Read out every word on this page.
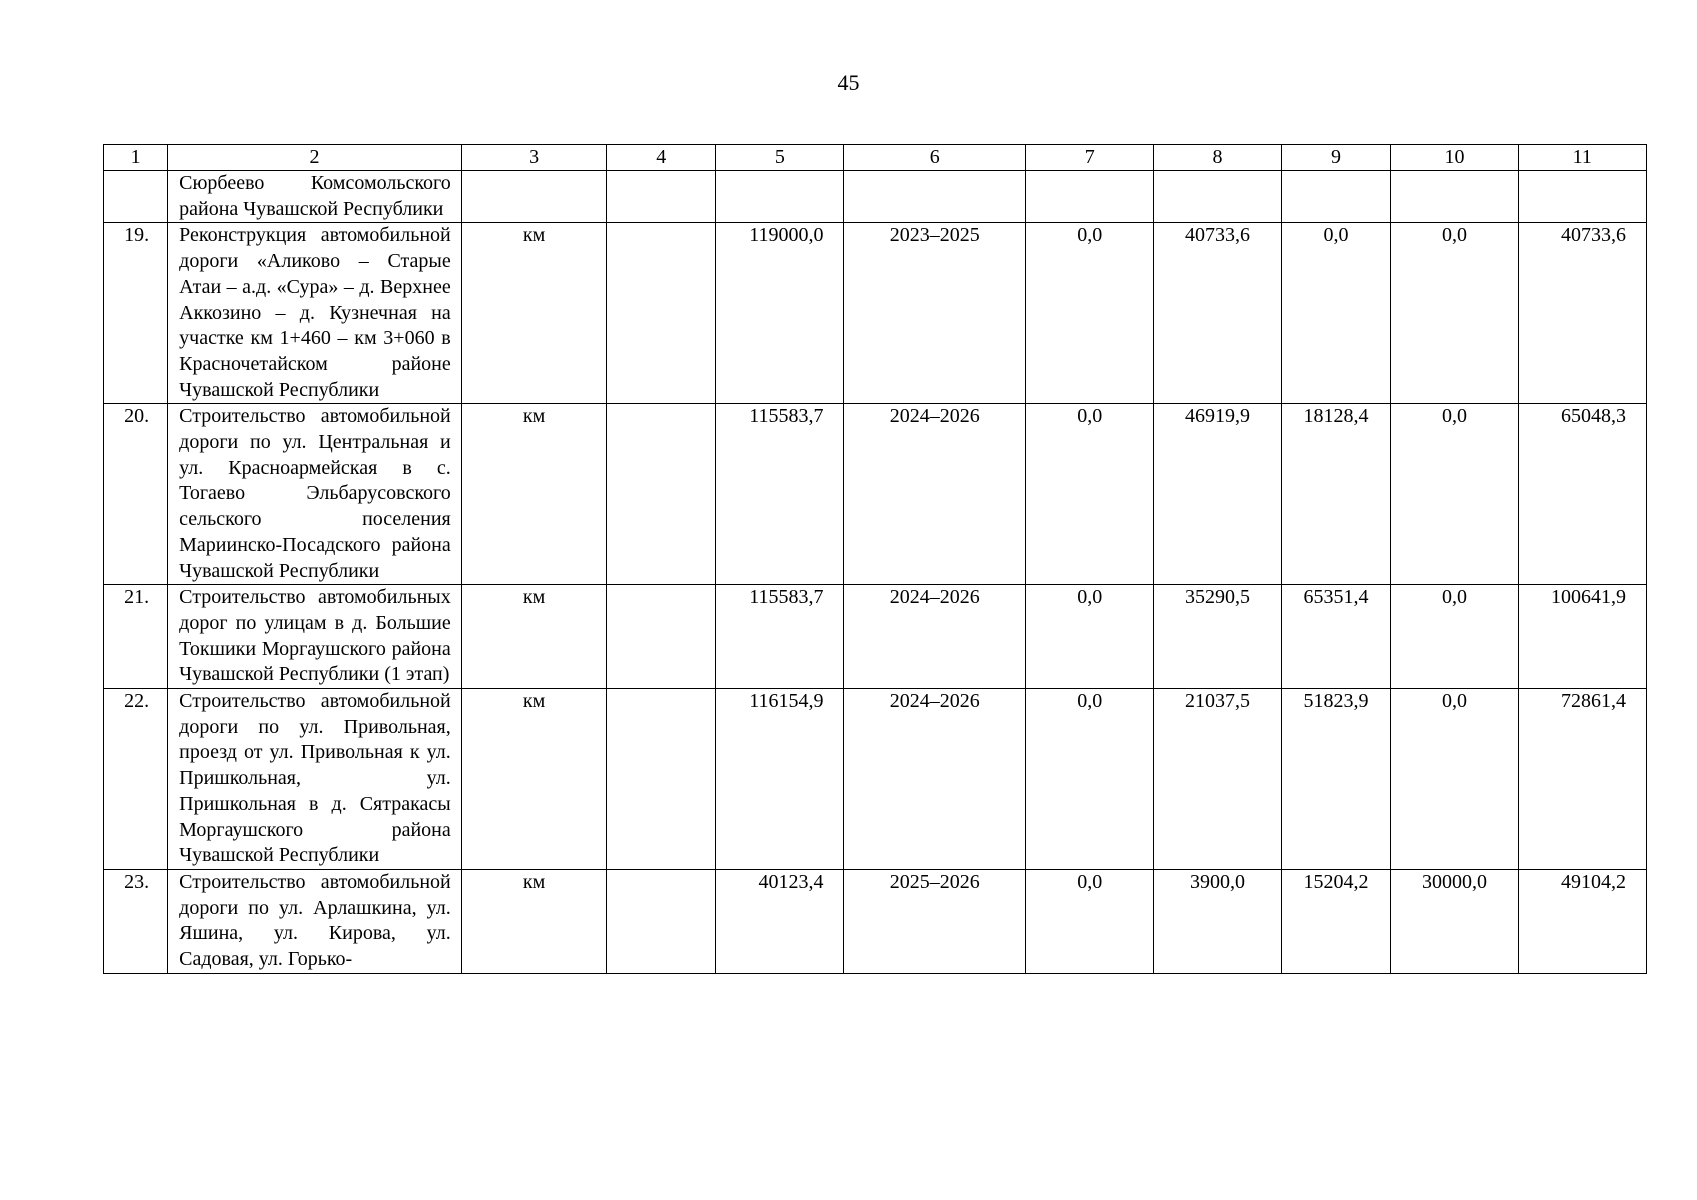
45
1	2	3	4	5	6	7	8	9	10	11
	Сюрбеево Комсомольского района Чувашской Республики									
19.	Реконструкция автомобильной дороги «Аликово – Старые Атаи – а.д. «Сура» – д. Верхнее Аккозино – д. Кузнечная на участке км 1+460 – км 3+060 в Красночетайском районе Чувашской Республики	км		119000,0	2023–2025	0,0	40733,6	0,0	0,0	40733,6
20.	Строительство автомобильной дороги по ул. Центральная и ул. Красноармейская в с. Тогаево Эльбарусовского сельского поселения Мариинско-Посадского района Чувашской Республики	км		115583,7	2024–2026	0,0	46919,9	18128,4	0,0	65048,3
21.	Строительство автомобильных дорог по улицам в д. Большие Токшики Моргаушского района Чувашской Республики (1 этап)	км		115583,7	2024–2026	0,0	35290,5	65351,4	0,0	100641,9
22.	Строительство автомобильной дороги по ул. Привольная, проезд от ул. Привольная к ул. Пришкольная, ул. Пришкольная в д. Сятракасы Моргаушского района Чувашской Республики	км		116154,9	2024–2026	0,0	21037,5	51823,9	0,0	72861,4
23.	Строительство автомобильной дороги по ул. Арлашкина, ул. Яшина, ул. Кирова, ул. Садовая, ул. Горько-	км		40123,4	2025–2026	0,0	3900,0	15204,2	30000,0	49104,2
